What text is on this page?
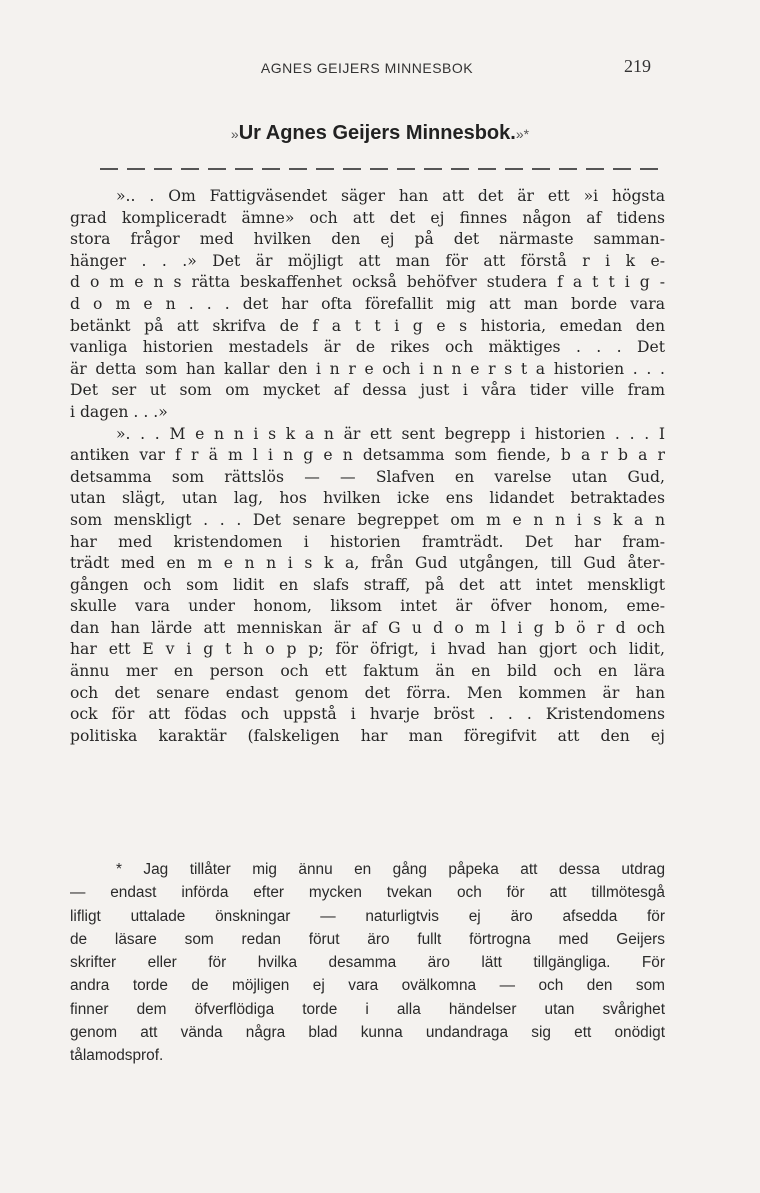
AGNES GEIJERS MINNESBOK	219
»Ur Agnes Geijers Minnesbok.»*
».. . Om Fattigväsendet säger han att det är ett »i högsta
grad kompliceradt ämne» och att det ej finnes någon af tidens
stora frågor med hvilken den ej på det närmaste samman-
hänger . . .» Det är möjligt att man för att förstå r i k e-
d o m e n s rätta beskaffenhet också behöfver studera f a t t i g -
d o m e n . . . det har ofta förefallit mig att man borde vara
betänkt på att skrifva de f a t t i g e s historia, emedan den
vanliga historien mestadels är de rikes och mäktiges . . . Det
är detta som han kallar den i n r e och i n n e r s t a historien . . .
Det ser ut som om mycket af dessa just i våra tider ville fram
i dagen . . .»
». . . M e n n i s k a n är ett sent begrepp i historien . . . I
antiken var f r ä m l i n g e n detsamma som fiende, b a r b a r
detsamma som rättslös — — Slafven en varelse utan Gud,
utan slägt, utan lag, hos hvilken icke ens lidandet betraktades
som menskligt . . . Det senare begreppet om m e n n i s k a n
har med kristendomen i historien framträdt. Det har fram-
trädt med en m e n n i s k a, från Gud utgången, till Gud åter-
gången och som lidit en slafs straff, på det att intet menskligt
skulle vara under honom, liksom intet är öfver honom, eme-
dan han lärde att menniskan är af G u d o m l i g b ö r d och
har ett E v i g t h o p p; för öfrigt, i hvad han gjort och lidit,
ännu mer en person och ett faktum än en bild och en lära
och det senare endast genom det förra. Men kommen är han
ock för att födas och uppstå i hvarje bröst . . . Kristendomens
politiska karaktär (falskeligen har man föregifvit att den ej
* Jag tillåter mig ännu en gång påpeka att dessa utdrag
— endast införda efter mycken tvekan och för att tillmötesgå
lifligt uttalade önskningar — naturligtvis ej äro afsedda för
de läsare som redan förut äro fullt förtrogna med Geijers
skrifter eller för hvilka desamma äro lätt tillgängliga. För
andra torde de möjligen ej vara ovälkomna — och den som
finner dem öfverflödiga torde i alla händelser utan svårighet
genom att vända några blad kunna undandraga sig ett onödigt
tålamodsprof.
